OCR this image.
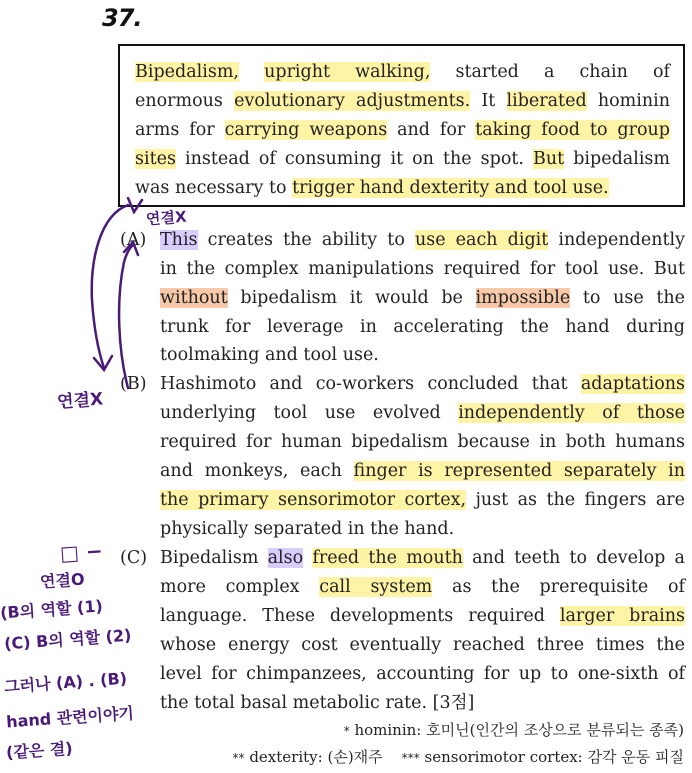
37.
Bipedalism, upright walking, started a chain of
enormous evolutionary adjustments. It liberated hominin
arms for carrying weapons and for taking food to group
sites instead of consuming it on the spot. But bipedalism
was necessary to trigger hand dexterity and tool use.
(A) This creates the ability to use each digit independently
in the complex manipulations required for tool use. But
without bipedalism it would be impossible to use the
trunk for leverage in accelerating the hand during
toolmaking and tool use.
(B) Hashimoto and co-workers concluded that adaptations
underlying tool use evolved independently of those
required for human bipedalism because in both humans
and monkeys, each finger is represented separately in
the primary sensorimotor cortex, just as the fingers are
physically separated in the hand.
(C) Bipedalism also freed the mouth and teeth to develop a
more complex call system as the prerequisite of
language. These developments required larger brains
whose energy cost eventually reached three times the
level for chimpanzees, accounting for up to one-sixth of
the total basal metabolic rate. [3점]
* hominin: 호미닌(인간의 조상으로 분류되는 종족)
** dexterity: (손)재주 *** sensorimotor cortex: 감각 운동 피질
연결X
연결X
□ −
연결O
(B의 역할 (1)
(C) B의 역할 (2)
그러나 (A) . (B)
hand 관련이야기
(같은 결)
